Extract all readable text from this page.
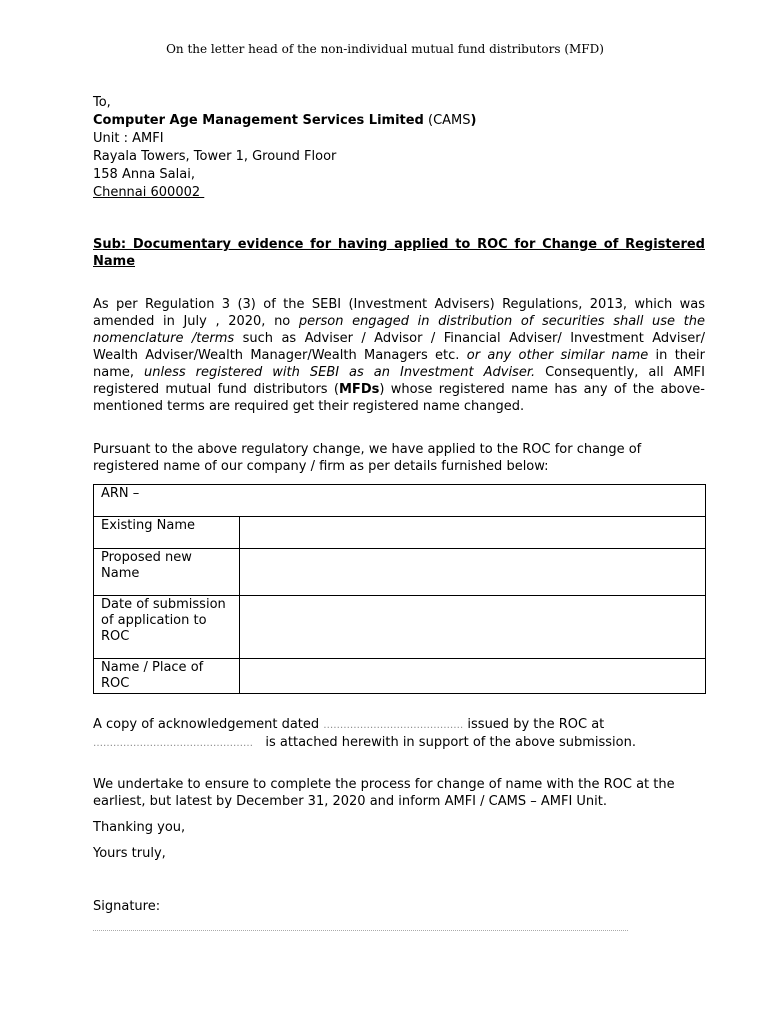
On the letter head of the non-individual mutual fund distributors (MFD)
To,
Computer Age Management Services Limited (CAMS)
Unit : AMFI
Rayala Towers, Tower 1, Ground Floor
158 Anna Salai,
Chennai 600002
Sub: Documentary evidence for having applied to ROC for Change of Registered Name
As per Regulation 3 (3) of the SEBI (Investment Advisers) Regulations, 2013, which was amended in July , 2020, no person engaged in distribution of securities shall use the nomenclature /terms such as Adviser / Advisor / Financial Adviser/ Investment Adviser/ Wealth Adviser/Wealth Manager/Wealth Managers etc. or any other similar name in their name, unless registered with SEBI as an Investment Adviser. Consequently, all AMFI registered mutual fund distributors (MFDs) whose registered name has any of the above-mentioned terms are required get their registered name changed.
Pursuant to the above regulatory change, we have applied to the ROC for change of registered name of our company / firm as per details furnished below:
ARN –	
Existing Name	
Proposed new Name	
Date of submission of application to ROC	
Name / Place of ROC	
A copy of acknowledgement dated …………………………………… issued by the ROC at
…………………………………………   is attached herewith in support of the above submission.
We undertake to ensure to complete the process for change of name with the ROC at the earliest, but latest by December 31, 2020 and inform AMFI / CAMS – AMFI Unit.
Thanking you,
Yours truly,
Signature:
